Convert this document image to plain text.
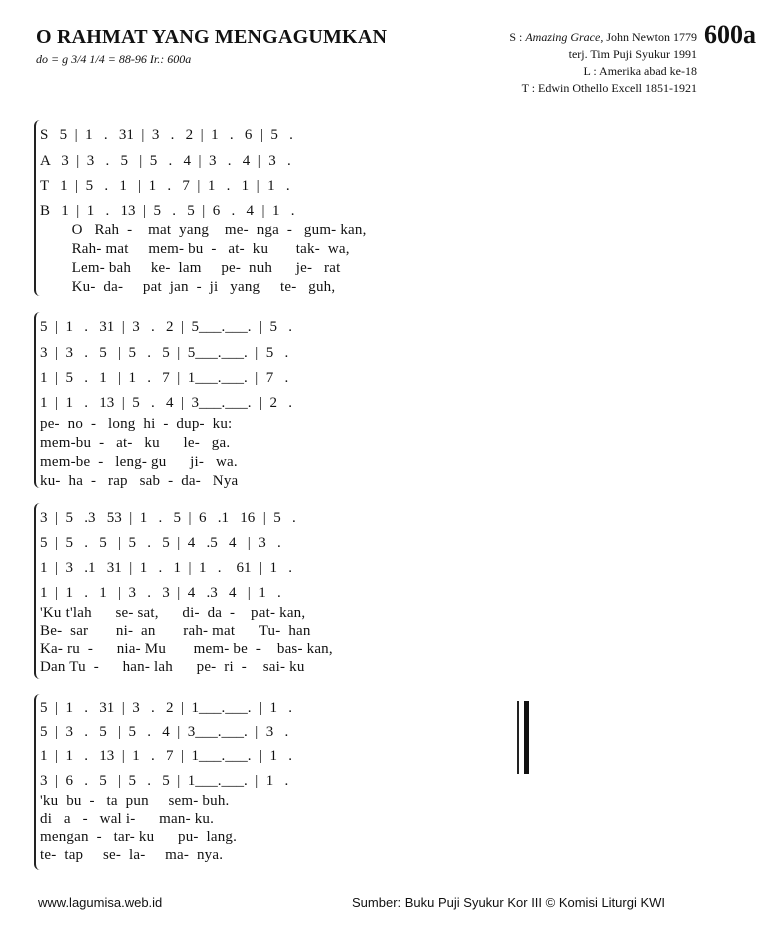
O RAHMAT YANG MENGAGUMKAN	600a
do = g 3/4 1/4 = 88-96 Ir.: 600a
S : Amazing Grace, John Newton 1779
terj. Tim Puji Syukur 1991
L : Amerika abad ke-18
T : Edwin Othello Excell 1851-1921
S   5  |  1   .   31  |  3   .   2  |  1   .   6  |  5   .
A   3  |  3   .   5   |  5   .   4  |  3   .   4  |  3   .
T   1  |  5   .   1   |  1   .   7  |  1   .   1  |  1   .
B   1  |  1   .   13  |  5   .   5  |  6   .   4  |  1   .
O   Rah  -    mat  yang    me-  nga  -   gum- kan,
Rah- mat     mem- bu  -   at-  ku       tak-  wa,
Lem- bah     ke-  lam     pe-  nuh      je-   rat
Ku-  da-     pat  jan  -  ji   yang     te-   guh,
5  |  1   .   31  |  3   .   2  |  5___.___.  |  5   .
3  |  3   .   5   |  5   .   5  |  5___.___.  |  5   .
1  |  5   .   1   |  1   .   7  |  1___.___.  |  7   .
1  |  1   .   13  |  5   .   4  |  3___.___.  |  2   .
pe-  no  -   long  hi  -  dup-  ku:
mem-bu  -   at-   ku      le-   ga.
mem-be  -   leng- gu      ji-   wa.
ku-  ha  -   rap   sab  -  da-   Nya
3  |  5   .3   53  |  1   .   5  |  6   .1   16  |  5   .
5  |  5   .   5   |  5   .   5  |  4   .5   4   |  3   .
1  |  3   .1   31  |  1   .   1  |  1   .    61  |  1   .
1  |  1   .   1   |  3   .   3  |  4   .3   4   |  1   .
'Ku t'lah      se- sat,      di-  da  -    pat- kan,
Be-  sar       ni-  an       rah- mat      Tu-  han
Ka- ru  -      nia- Mu       mem- be  -    bas- kan,
Dan Tu  -      han- lah      pe-  ri  -    sai- ku
5  |  1   .   31  |  3   .   2  |  1___.___.  |  1   .
5  |  3   .   5   |  5   .   4  |  3___.___.  |  3   .
1  |  1   .   13  |  1   .   7  |  1___.___.  |  1   .
3  |  6   .   5   |  5   .   5  |  1___.___.  |  1   .
'ku  bu  -   ta  pun     sem- buh.
di   a   -   wal i-      man- ku.
mengan  -   tar- ku      pu-  lang.
te-  tap     se-  la-     ma-  nya.
www.lagumisa.web.id	Sumber: Buku Puji Syukur Kor III © Komisi Liturgi KWI
